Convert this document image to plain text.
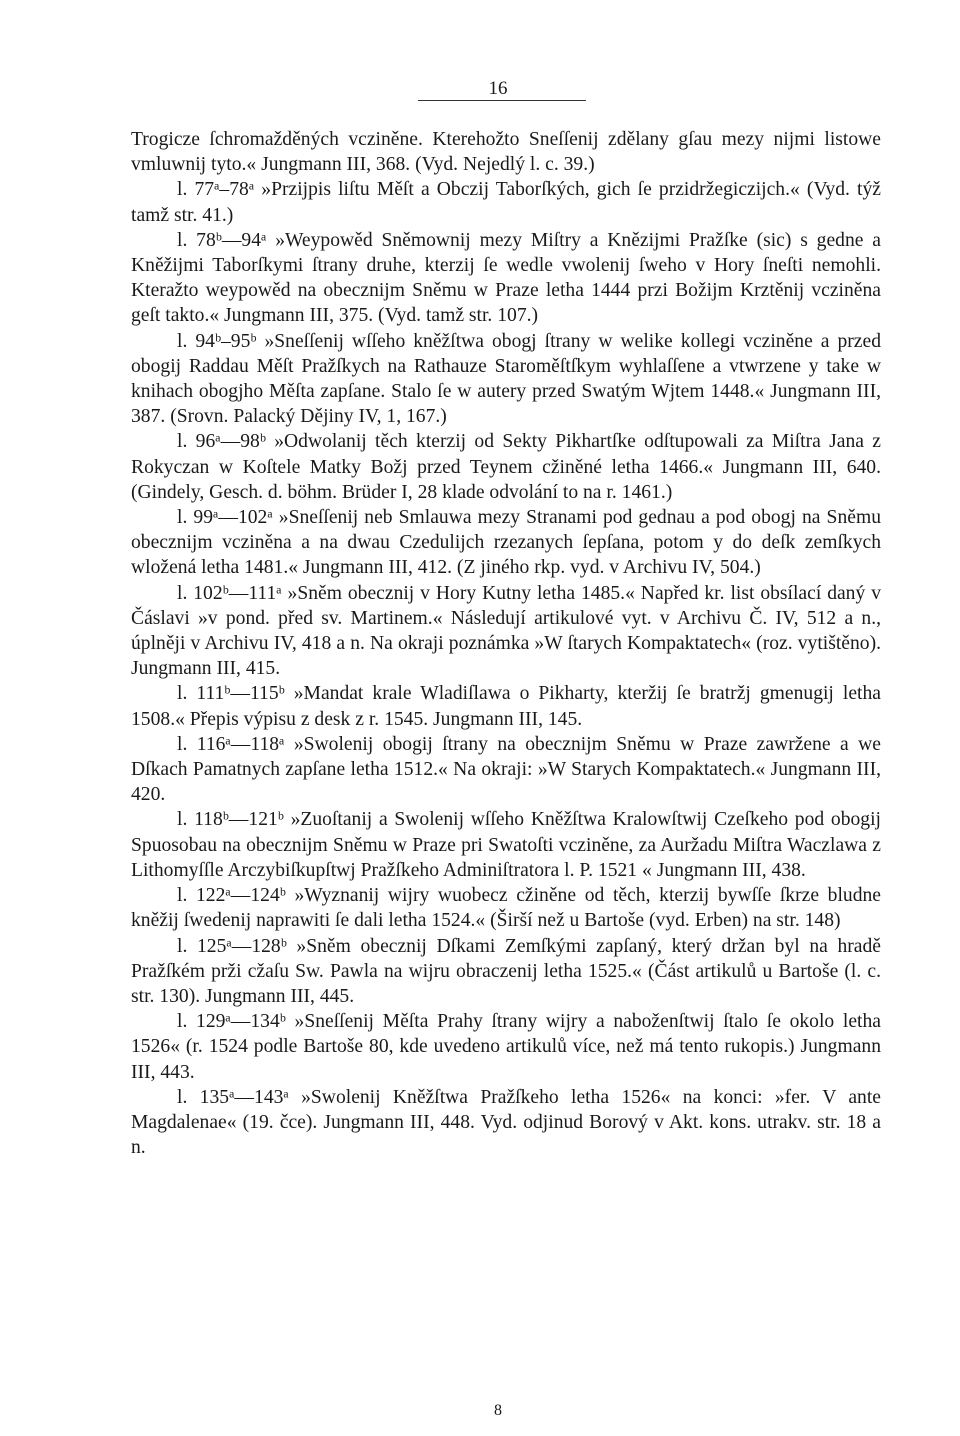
16

Trogicze ſchromažděných vcziněne. Kterehožto Sneſſenij zdělany gſau mezy nijmi listowe vmluwnij tyto.« Jungmann III, 368. (Vyd. Nejedlý l. c. 39.)

l. 77ᵃ–78ᵃ »Przijpis liſtu Měſt a Obczij Taborſkých, gich ſe przidržegiczijch.« (Vyd. týž tamž str. 41.)

l. 78ᵇ—94ᵃ »Weypowěd Sněmownij mezy Miſtry a Knězijmi Pražſke (sic) s gedne a Kněžijmi Taborſkymi ſtrany druhe, kterzij ſe wedle vwolenij ſweho v Hory ſneſti nemohli. Kteražto weypowěd na obecznijm Sněmu w Praze letha 1444 przi Božijm Krztěnij vcziněna geſt takto.« Jungmann III, 375. (Vyd. tamž str. 107.)

l. 94ᵇ–95ᵇ »Sneſſenij wſſeho kněžſtwa obogj ſtrany w welike kollegi vcziněne a przed obogij Raddau Měſt Pražſkych na Rathauze Staroměſtſkym wyhlaſſene a vtwrzene y take w knihach obogjho Měſta zapſane. Stalo ſe w autery przed Swatým Wjtem 1448.« Jungmann III, 387. (Srovn. Palacký Dějiny IV, 1, 167.)

l. 96ᵃ—98ᵇ »Odwolanij těch kterzij od Sekty Pikhartſke odſtupowali za Miſtra Jana z Rokyczan w Koſtele Matky Božj przed Teynem cžiněné letha 1466.« Jungmann III, 640. (Gindely, Gesch. d. böhm. Brüder I, 28 klade odvolání to na r. 1461.)

l. 99ᵃ—102ᵃ »Sneſſenij neb Smlauwa mezy Stranami pod gednau a pod obogj na Sněmu obecznijm vcziněna a na dwau Czedulijch rzezanych ſepſana, potom y do deſk zemſkych wložená letha 1481.« Jungmann III, 412. (Z jiného rkp. vyd. v Archivu IV, 504.)

l. 102ᵇ—111ᵃ »Sněm obecznij v Hory Kutny letha 1485.« Napřed kr. list obsílací daný v Čáslavi »v pond. před sv. Martinem.« Následují artikulové vyt. v Archivu Č. IV, 512 a n., úplněji v Archivu IV, 418 a n. Na okraji poznámka »W ſtarych Kompaktatech« (roz. vytištěno). Jungmann III, 415.

l. 111ᵇ—115ᵇ »Mandat krale Wladiſlawa o Pikharty, kteržij ſe bratržj gmenugij letha 1508.« Přepis výpisu z desk z r. 1545. Jungmann III, 145.

l. 116ᵃ—118ᵃ »Swolenij obogij ſtrany na obecznijm Sněmu w Praze zawržene a we Dſkach Pamatnych zapſane letha 1512.« Na okraji: »W Starych Kompaktatech.« Jungmann III, 420.

l. 118ᵇ—121ᵇ »Zuoſtanij a Swolenij wſſeho Kněžſtwa Kralowſtwij Czeſkeho pod obogij Spuosobau na obecznijm Sněmu w Praze pri Swatoſti vcziněne, za Auržadu Miſtra Waczlawa z Lithomyſſle Arczybiſkupſtwj Pražſkeho Adminiſtratora l. P. 1521 « Jungmann III, 438.

l. 122ᵃ—124ᵇ »Wyznanij wijry wuobecz cžiněne od těch, kterzij bywſſe ſkrze bludne kněžij ſwedenij naprawiti ſe dali letha 1524.« (Širší než u Bartoše (vyd. Erben) na str. 148)

l. 125ᵃ—128ᵇ »Sněm obecznij Dſkami Zemſkými zapſaný, který držan byl na hradě Pražſkém prži cžaſu Sw. Pawla na wijru obraczenij letha 1525.« (Část artikulů u Bartoše (l. c. str. 130). Jungmann III, 445.

l. 129ᵃ—134ᵇ »Sneſſenij Měſta Prahy ſtrany wijry a naboženſtwij ſtalo ſe okolo letha 1526« (r. 1524 podle Bartoše 80, kde uvedeno artikulů více, než má tento rukopis.) Jungmann III, 443.

l. 135ᵃ—143ᵃ »Swolenij Kněžſtwa Pražſkeho letha 1526« na konci: »fer. V ante Magdalenae« (19. čce). Jungmann III, 448. Vyd. odjinud Borový v Akt. kons. utrakv. str. 18 a n.

8
